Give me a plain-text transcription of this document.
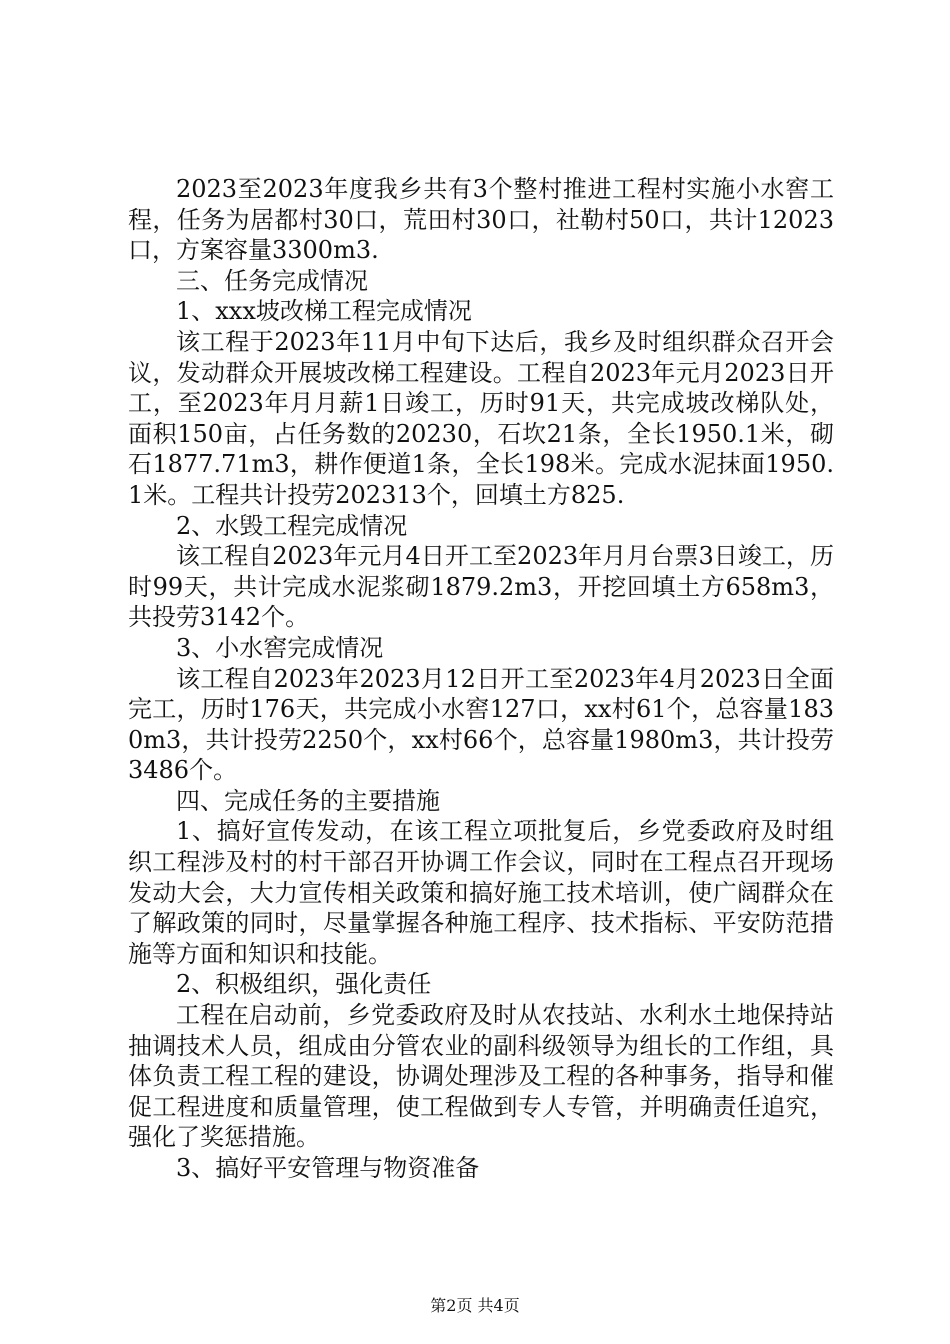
2023至2023年度我乡共有3个整村推进工程村实施小水窖工程，任务为居都村30口，荒田村30口，社勒村50口，共计12023口，方案容量3300m3.

三、任务完成情况

1、xxx坡改梯工程完成情况

该工程于2023年11月中旬下达后，我乡及时组织群众召开会议，发动群众开展坡改梯工程建设。工程自2023年元月2023日开工，至2023年月月薪1日竣工，历时91天，共完成坡改梯队处，面积150亩，占任务数的20230，石坎21条，全长1950.1米，砌石1877.71m3，耕作便道1条，全长198米。完成水泥抹面1950.1米。工程共计投劳202313个，回填土方825.

2、水毁工程完成情况

该工程自2023年元月4日开工至2023年月月台票3日竣工，历时99天，共计完成水泥浆砌1879.2m3，开挖回填土方658m3，共投劳3142个。

3、小水窖完成情况

该工程自2023年2023月12日开工至2023年4月2023日全面完工，历时176天，共完成小水窖127口，xx村61个，总容量1830m3，共计投劳2250个，xx村66个，总容量1980m3，共计投劳3486个。

四、完成任务的主要措施

1、搞好宣传发动，在该工程立项批复后，乡党委政府及时组织工程涉及村的村干部召开协调工作会议，同时在工程点召开现场发动大会，大力宣传相关政策和搞好施工技术培训，使广阔群众在了解政策的同时，尽量掌握各种施工程序、技术指标、平安防范措施等方面和知识和技能。

2、积极组织，强化责任

工程在启动前，乡党委政府及时从农技站、水利水土地保持站抽调技术人员，组成由分管农业的副科级领导为组长的工作组，具体负责工程工程的建设，协调处理涉及工程的各种事务，指导和催促工程进度和质量管理，使工程做到专人专管，并明确责任追究，强化了奖惩措施。

3、搞好平安管理与物资准备

第2页 共4页
